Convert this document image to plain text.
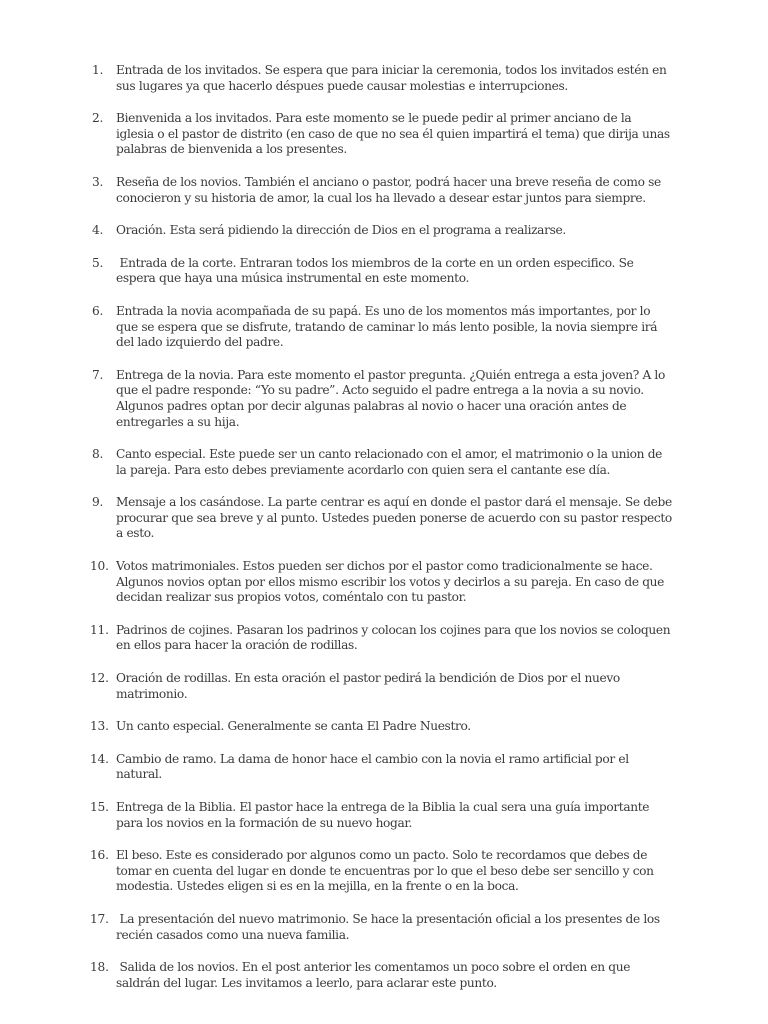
1.	Entrada de los invitados. Se espera que para iniciar la ceremonia, todos los invitados estén en sus lugares ya que hacerlo déspues puede causar molestias e interrupciones.
2.	Bienvenida a los invitados. Para este momento se le puede pedir al primer anciano de la iglesia o el pastor de distrito (en caso de que no sea él quien impartirá el tema) que dirija unas palabras de bienvenida a los presentes.
3.	Reseña de los novios. También el anciano o pastor, podrá hacer una breve reseña de como se conocieron y su historia de amor, la cual los ha llevado a desear estar juntos para siempre.
4.	Oración. Esta será pidiendo la dirección de Dios en el programa a realizarse.
5.	Entrada de la corte. Entraran todos los miembros de la corte en un orden especifico. Se espera que haya una música instrumental en este momento.
6.	Entrada la novia acompañada de su papá. Es uno de los momentos más importantes, por lo que se espera que se disfrute, tratando de caminar lo más lento posible, la novia siempre irá del lado izquierdo del padre.
7.	Entrega de la novia. Para este momento el pastor pregunta. ¿Quién entrega a esta joven? A lo que el padre responde: “Yo su padre”. Acto seguido el padre entrega a la novia a su novio. Algunos padres optan por decir algunas palabras al novio o hacer una oración antes de entregarles a su hija.
8.	Canto especial. Este puede ser un canto relacionado con el amor, el matrimonio o la union de la pareja. Para esto debes previamente acordarlo con quien sera el cantante ese día.
9.	Mensaje a los casándose. La parte centrar es aquí en donde el pastor dará el mensaje. Se debe procurar que sea breve y al punto. Ustedes pueden ponerse de acuerdo con su pastor respecto a esto.
10. Votos matrimoniales. Estos pueden ser dichos por el pastor como tradicionalmente se hace. Algunos novios optan por ellos mismo escribir los votos y decirlos a su pareja. En caso de que decidan realizar sus propios votos, coméntalo con tu pastor.
11. Padrinos de cojines. Pasaran los padrinos y colocan los cojines para que los novios se coloquen en ellos para hacer la oración de rodillas.
12. Oración de rodillas. En esta oración el pastor pedirá la bendición de Dios por el nuevo matrimonio.
13. Un canto especial. Generalmente se canta El Padre Nuestro.
14. Cambio de ramo. La dama de honor hace el cambio con la novia el ramo artificial por el natural.
15. Entrega de la Biblia. El pastor hace la entrega de la Biblia la cual sera una guía importante para los novios en la formación de su nuevo hogar.
16. El beso. Este es considerado por algunos como un pacto. Solo te recordamos que debes de tomar en cuenta del lugar en donde te encuentras por lo que el beso debe ser sencillo y con modestia. Ustedes eligen si es en la mejilla, en la frente o en la boca.
17. La presentación del nuevo matrimonio. Se hace la presentación oficial a los presentes de los recién casados como una nueva familia.
18. Salida de los novios. En el post anterior les comentamos un poco sobre el orden en que saldrán del lugar. Les invitamos a leerlo, para aclarar este punto.
